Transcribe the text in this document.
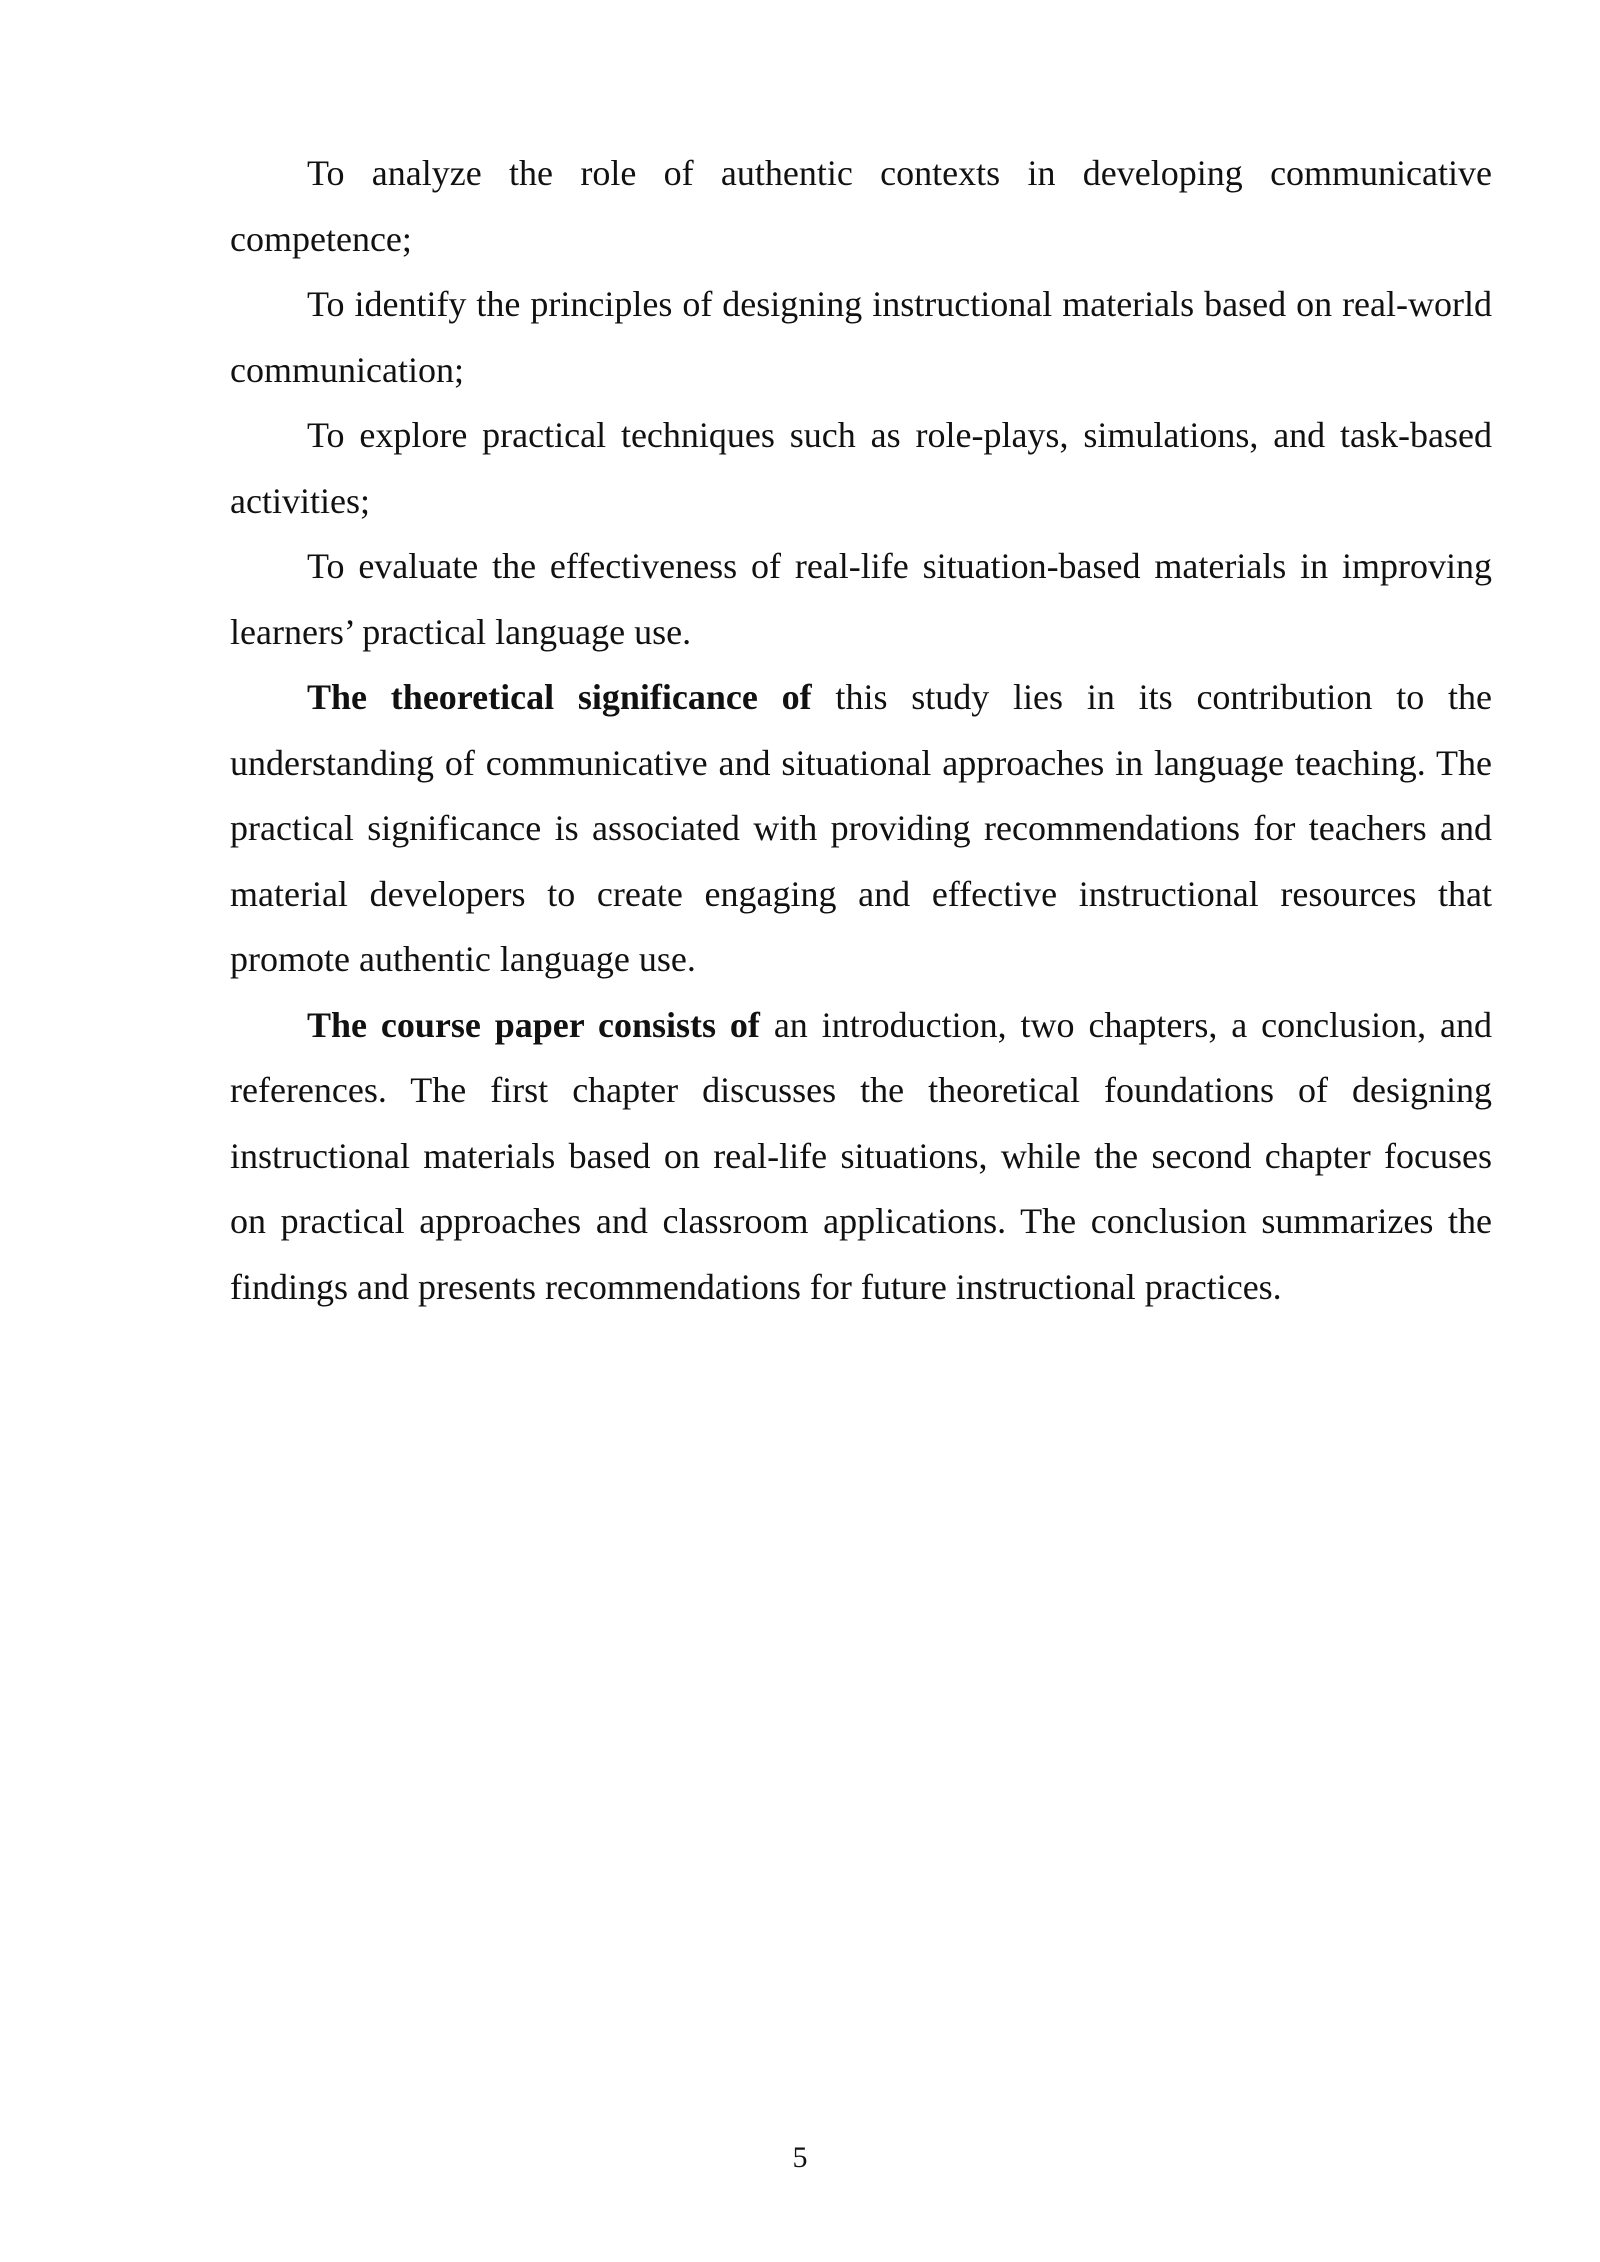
To analyze the role of authentic contexts in developing communicative competence;

To identify the principles of designing instructional materials based on real-world communication;

To explore practical techniques such as role-plays, simulations, and task-based activities;

To evaluate the effectiveness of real-life situation-based materials in improving learners’ practical language use.

The theoretical significance of this study lies in its contribution to the understanding of communicative and situational approaches in language teaching. The practical significance is associated with providing recommendations for teachers and material developers to create engaging and effective instructional resources that promote authentic language use.

The course paper consists of an introduction, two chapters, a conclusion, and references. The first chapter discusses the theoretical foundations of designing instructional materials based on real-life situations, while the second chapter focuses on practical approaches and classroom applications. The conclusion summarizes the findings and presents recommendations for future instructional practices.

5
